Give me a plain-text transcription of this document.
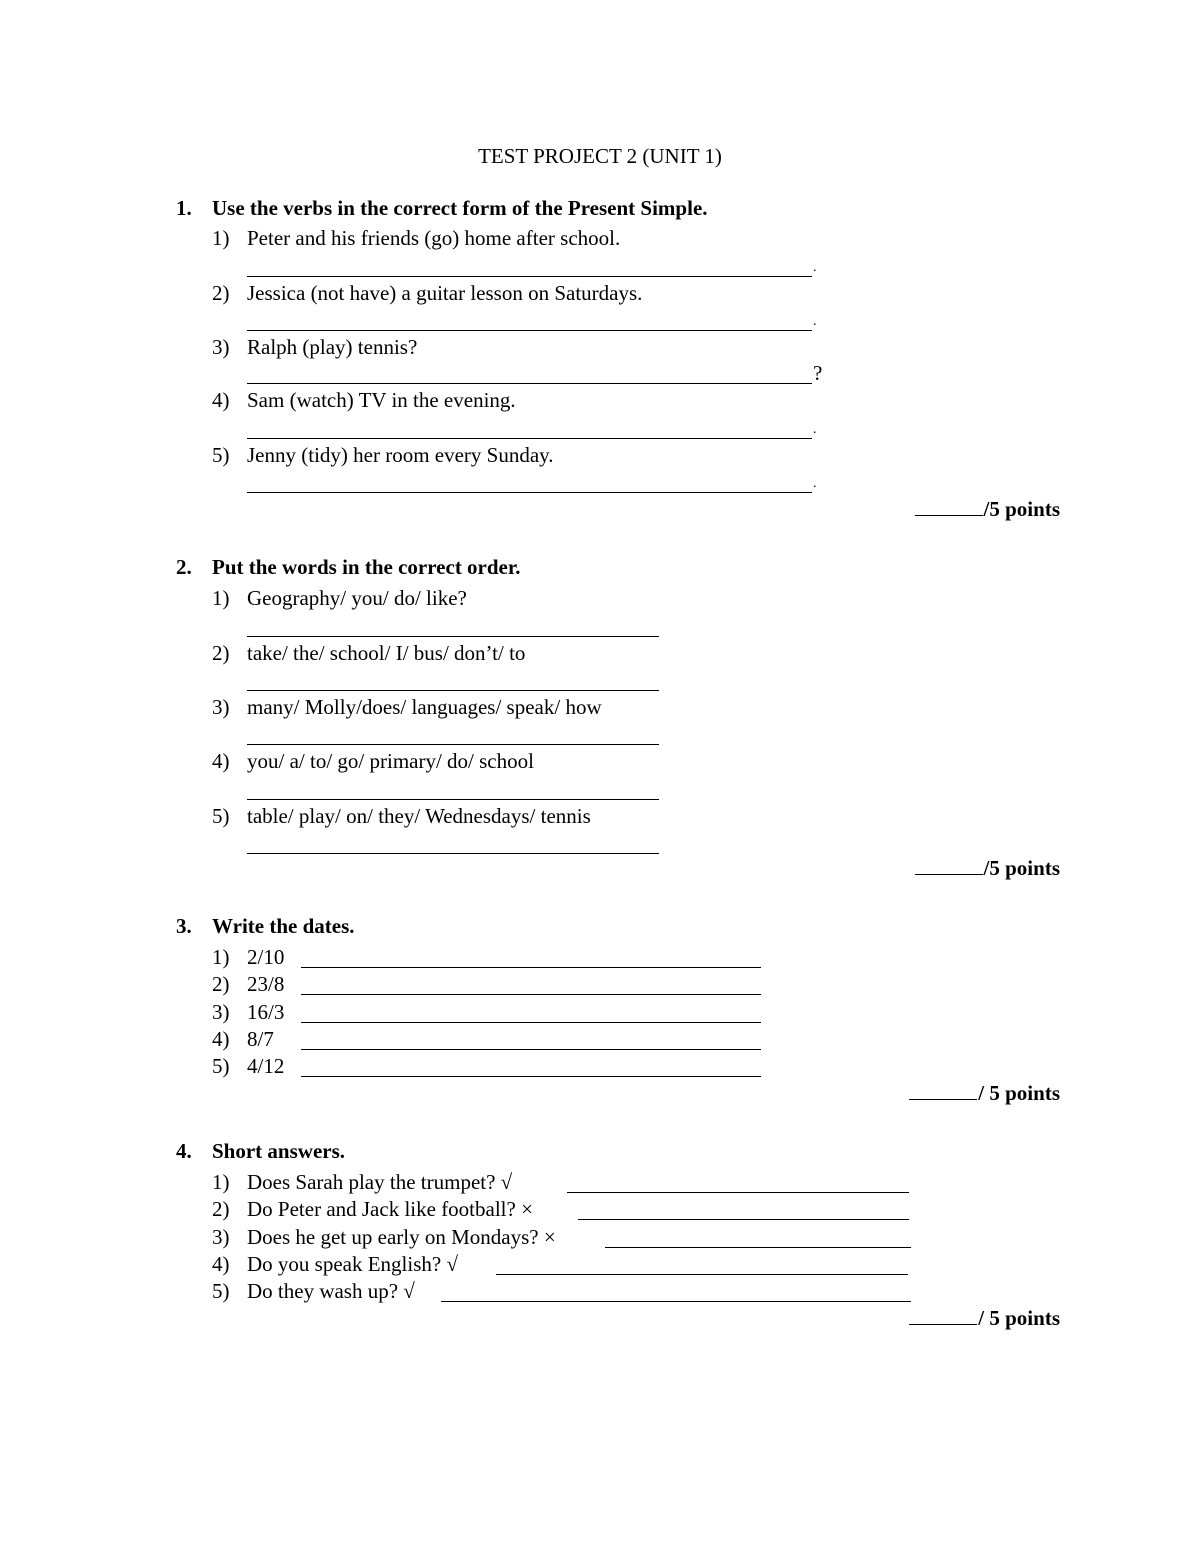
TEST PROJECT 2 (UNIT 1)
1. Use the verbs in the correct form of the Present Simple.
1) Peter and his friends (go) home after school.
.
2) Jessica (not have) a guitar lesson on Saturdays.
.
3) Ralph (play) tennis?
?
4) Sam (watch) TV in the evening.
.
5) Jenny (tidy) her room every Sunday.
.
/5 points
2. Put the words in the correct order.
1) Geography/ you/ do/ like?
2) take/ the/ school/ I/ bus/ don’t/ to
3) many/ Molly/does/ languages/ speak/ how
4) you/ a/ to/ go/ primary/ do/ school
5) table/ play/ on/ they/ Wednesdays/ tennis
/5 points
3. Write the dates.
1) 2/10
2) 23/8
3) 16/3
4) 8/7
5) 4/12
/ 5 points
4. Short answers.
1) Does Sarah play the trumpet? √
2) Do Peter and Jack like football? ×
3) Does he get up early on Mondays? ×
4) Do you speak English? √
5) Do they wash up? √
/ 5 points
